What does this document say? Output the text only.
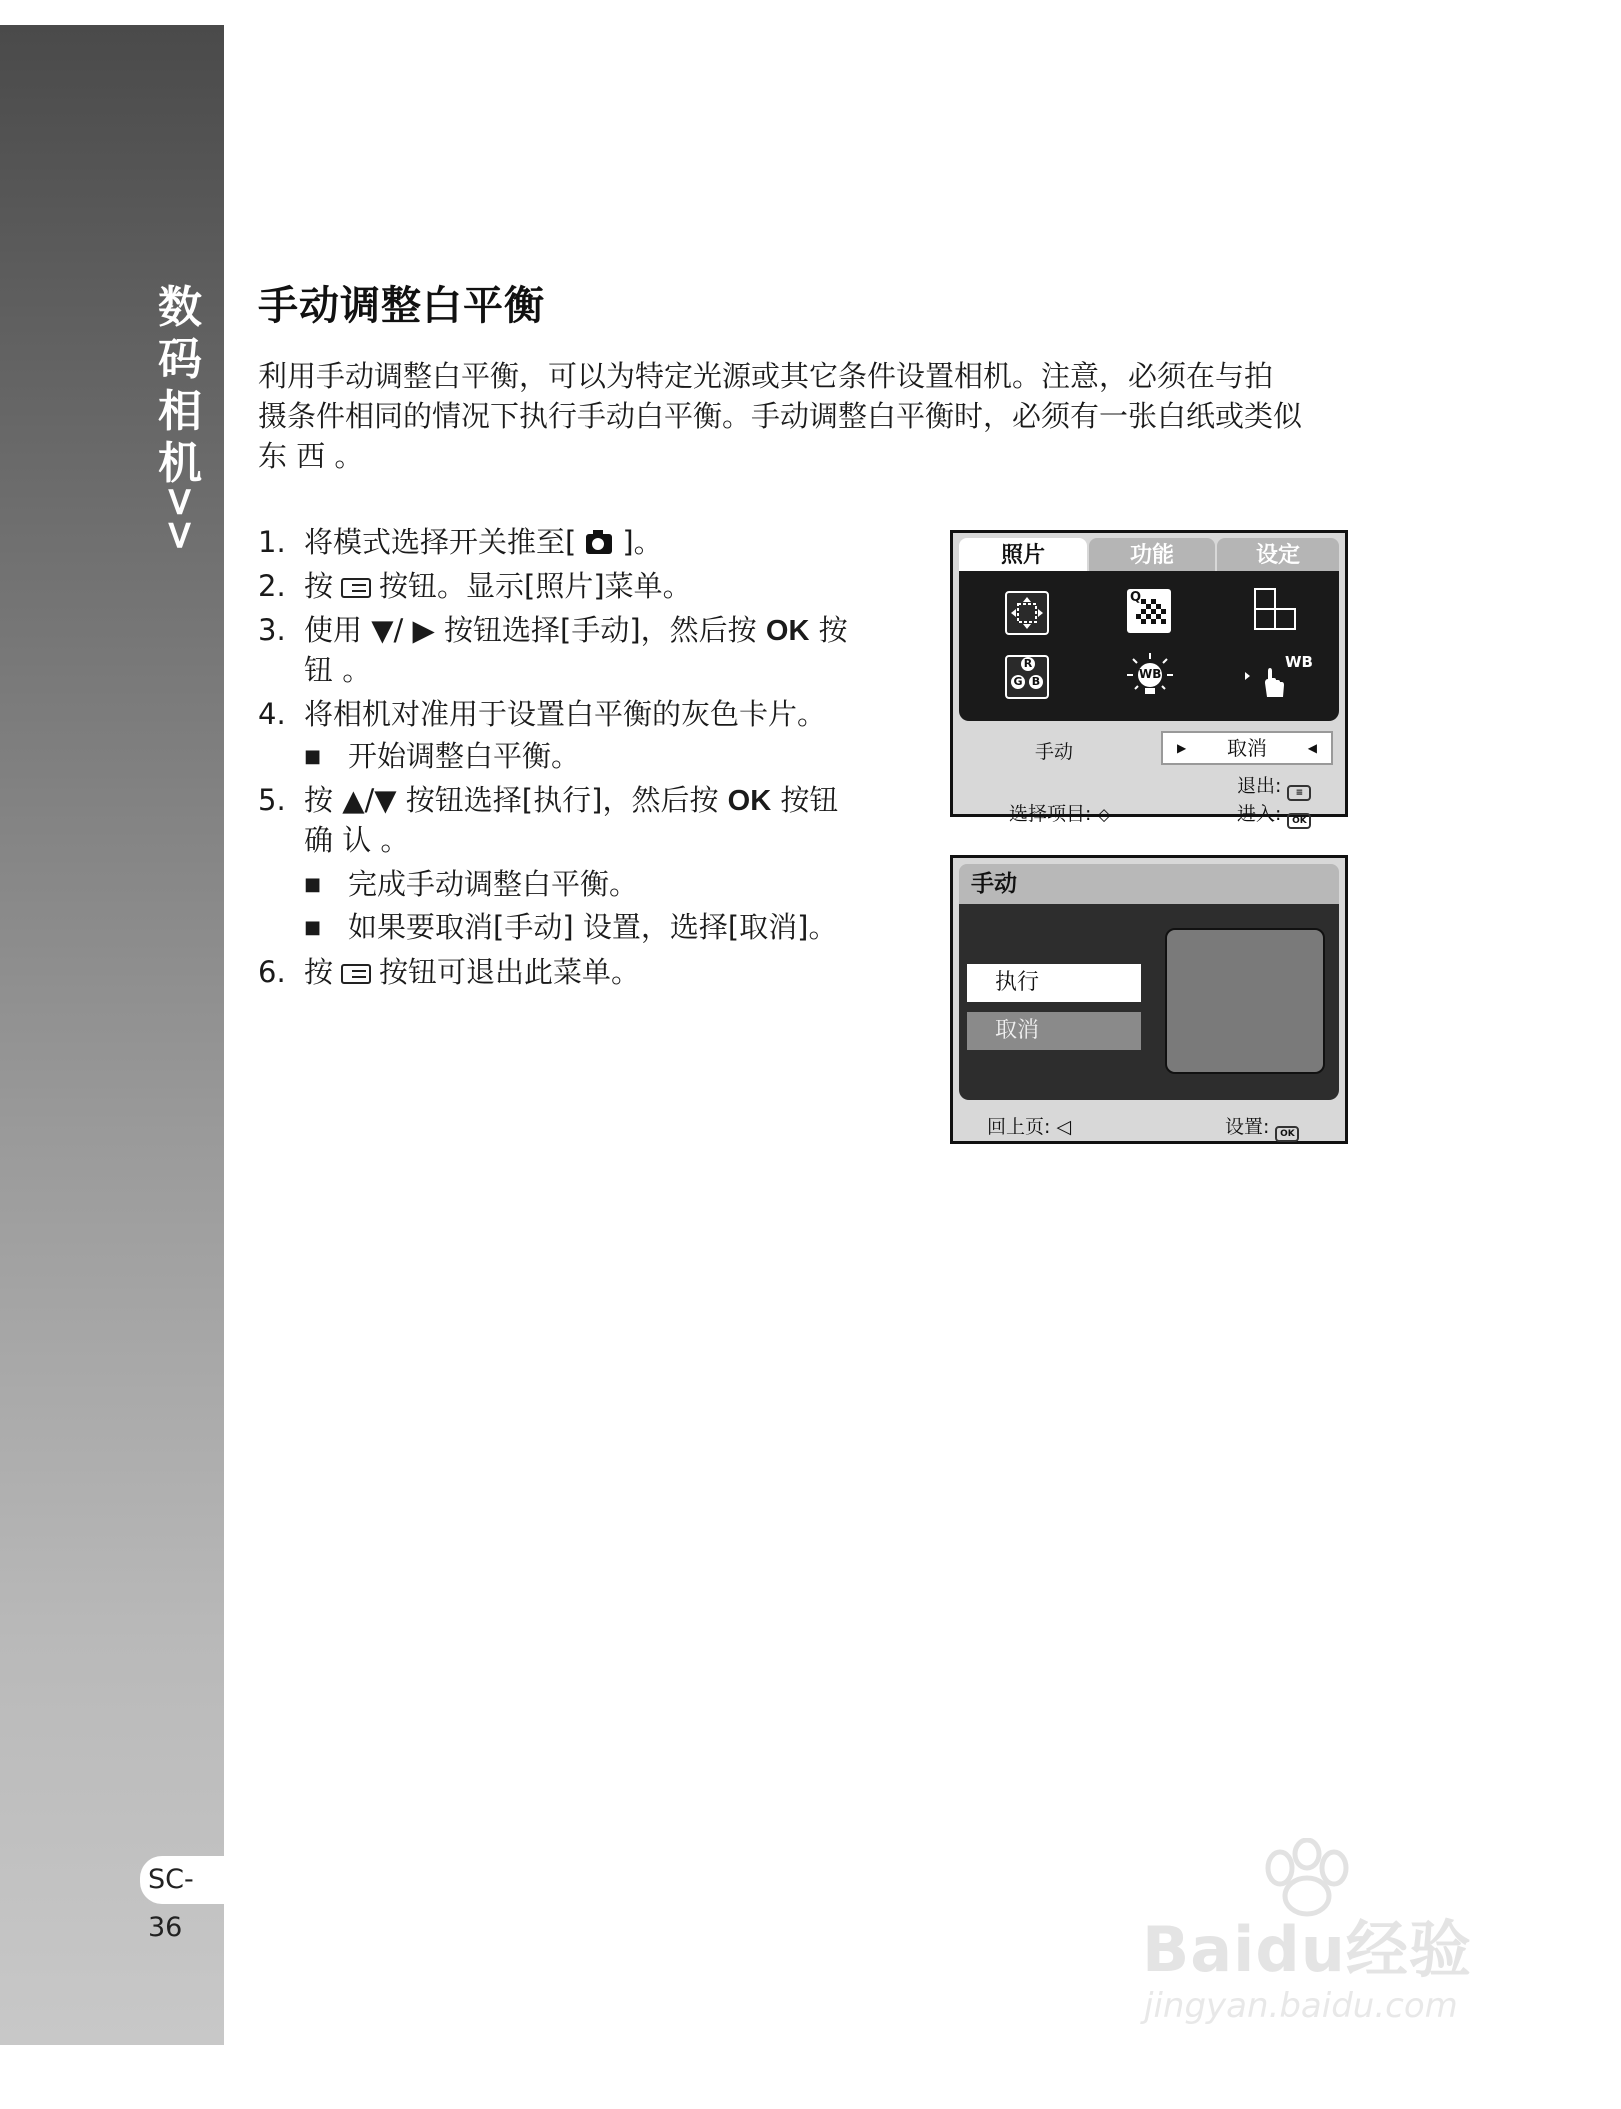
数
码
相
机
>>
SC-36
手动调整白平衡

利用手动调整白平衡，可以为特定光源或其它条件设置相机。注意，必须在与拍

摄条件相同的情况下执行手动白平衡。手动调整白平衡时，必须有一张白纸或类似

东 西 。

1. 将模式选择开关推至[ ]。
2. 按 按钮。显示[照片]菜单。
3. 使用 ▼/ ▶ 按钮选择[手动]，然后按 OK 按
钮 。
4. 将相机对准用于设置白平衡的灰色卡片。
■ 开始调整白平衡。
5. 按 ▲/▼ 按钮选择[执行]，然后按 OK 按钮
确 认 。
■ 完成手动调整白平衡。
■ 如果要取消[手动] 设置，选择[取消]。
6. 按 按钮可退出此菜单。
照片	功能	设定
Q
R
G B
WB
WB
手动	▶ 取消	◀
退出: ≡
选择项目: ◇	进入: OK
手动
执行
取消
回上页: ◁	设置: OK
Baidu经验
jingyan.baidu.com
